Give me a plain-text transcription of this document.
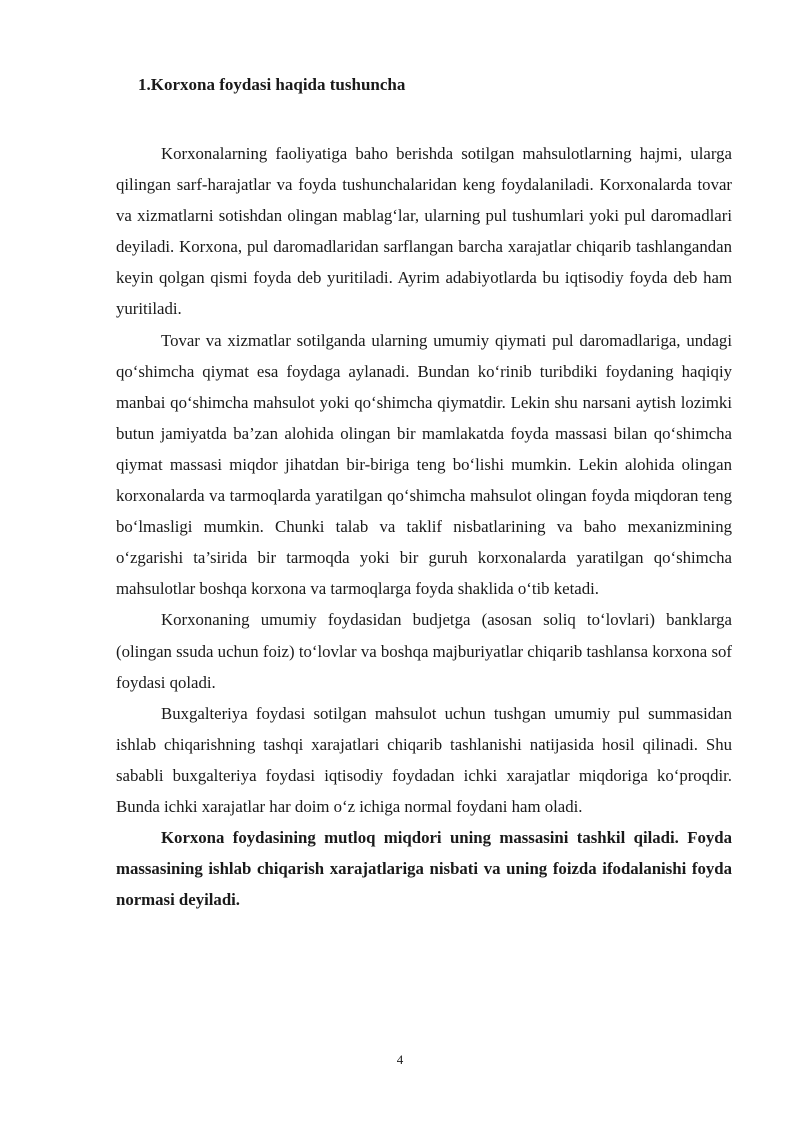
1.Korxona foydasi haqida tushuncha

Korxonalarning faoliyatiga baho berishda sotilgan mahsulotlarning hajmi, ularga qilingan sarf-harajatlar va foyda tushunchalaridan keng foydalaniladi. Korxonalarda tovar va xizmatlarni sotishdan olingan mablag‘lar, ularning pul tushumlari yoki pul daromadlari deyiladi. Korxona, pul daromadlaridan sarflangan barcha xarajatlar chiqarib tashlangandan keyin qolgan qismi foyda deb yuritiladi. Ayrim adabiyotlarda bu iqtisodiy foyda deb ham yuritiladi.

Tovar va xizmatlar sotilganda ularning umumiy qiymati pul daromadlariga, undagi qo‘shimcha qiymat esa foydaga aylanadi. Bundan ko‘rinib turibdiki foydaning haqiqiy manbai qo‘shimcha mahsulot yoki qo‘shimcha qiymatdir. Lekin shu narsani aytish lozimki butun jamiyatda ba’zan alohida olingan bir mamlakatda foyda massasi bilan qo‘shimcha qiymat massasi miqdor jihatdan bir-biriga teng bo‘lishi mumkin. Lekin alohida olingan korxonalarda va tarmoqlarda yaratilgan qo‘shimcha mahsulot olingan foyda miqdoran teng bo‘lmasligi mumkin. Chunki talab va taklif nisbatlarining va baho mexanizmining o‘zgarishi ta’sirida bir tarmoqda yoki bir guruh korxonalarda yaratilgan qo‘shimcha mahsulotlar boshqa korxona va tarmoqlarga foyda shaklida o‘tib ketadi.

Korxonaning umumiy foydasidan budjetga (asosan soliq to‘lovlari) banklarga (olingan ssuda uchun foiz) to‘lovlar va boshqa majburiyatlar chiqarib tashlansa korxona sof foydasi qoladi.

Buxgalteriya foydasi sotilgan mahsulot uchun tushgan umumiy pul summasidan ishlab chiqarishning tashqi xarajatlari chiqarib tashlanishi natijasida hosil qilinadi. Shu sababli buxgalteriya foydasi iqtisodiy foydadan ichki xarajatlar miqdoriga ko‘proqdir. Bunda ichki xarajatlar har doim o‘z ichiga normal foydani ham oladi.

Korxona foydasining mutloq miqdori uning massasini tashkil qiladi. Foyda massasining ishlab chiqarish xarajatlariga nisbati va uning foizda ifodalanishi foyda normasi deyiladi.

4
